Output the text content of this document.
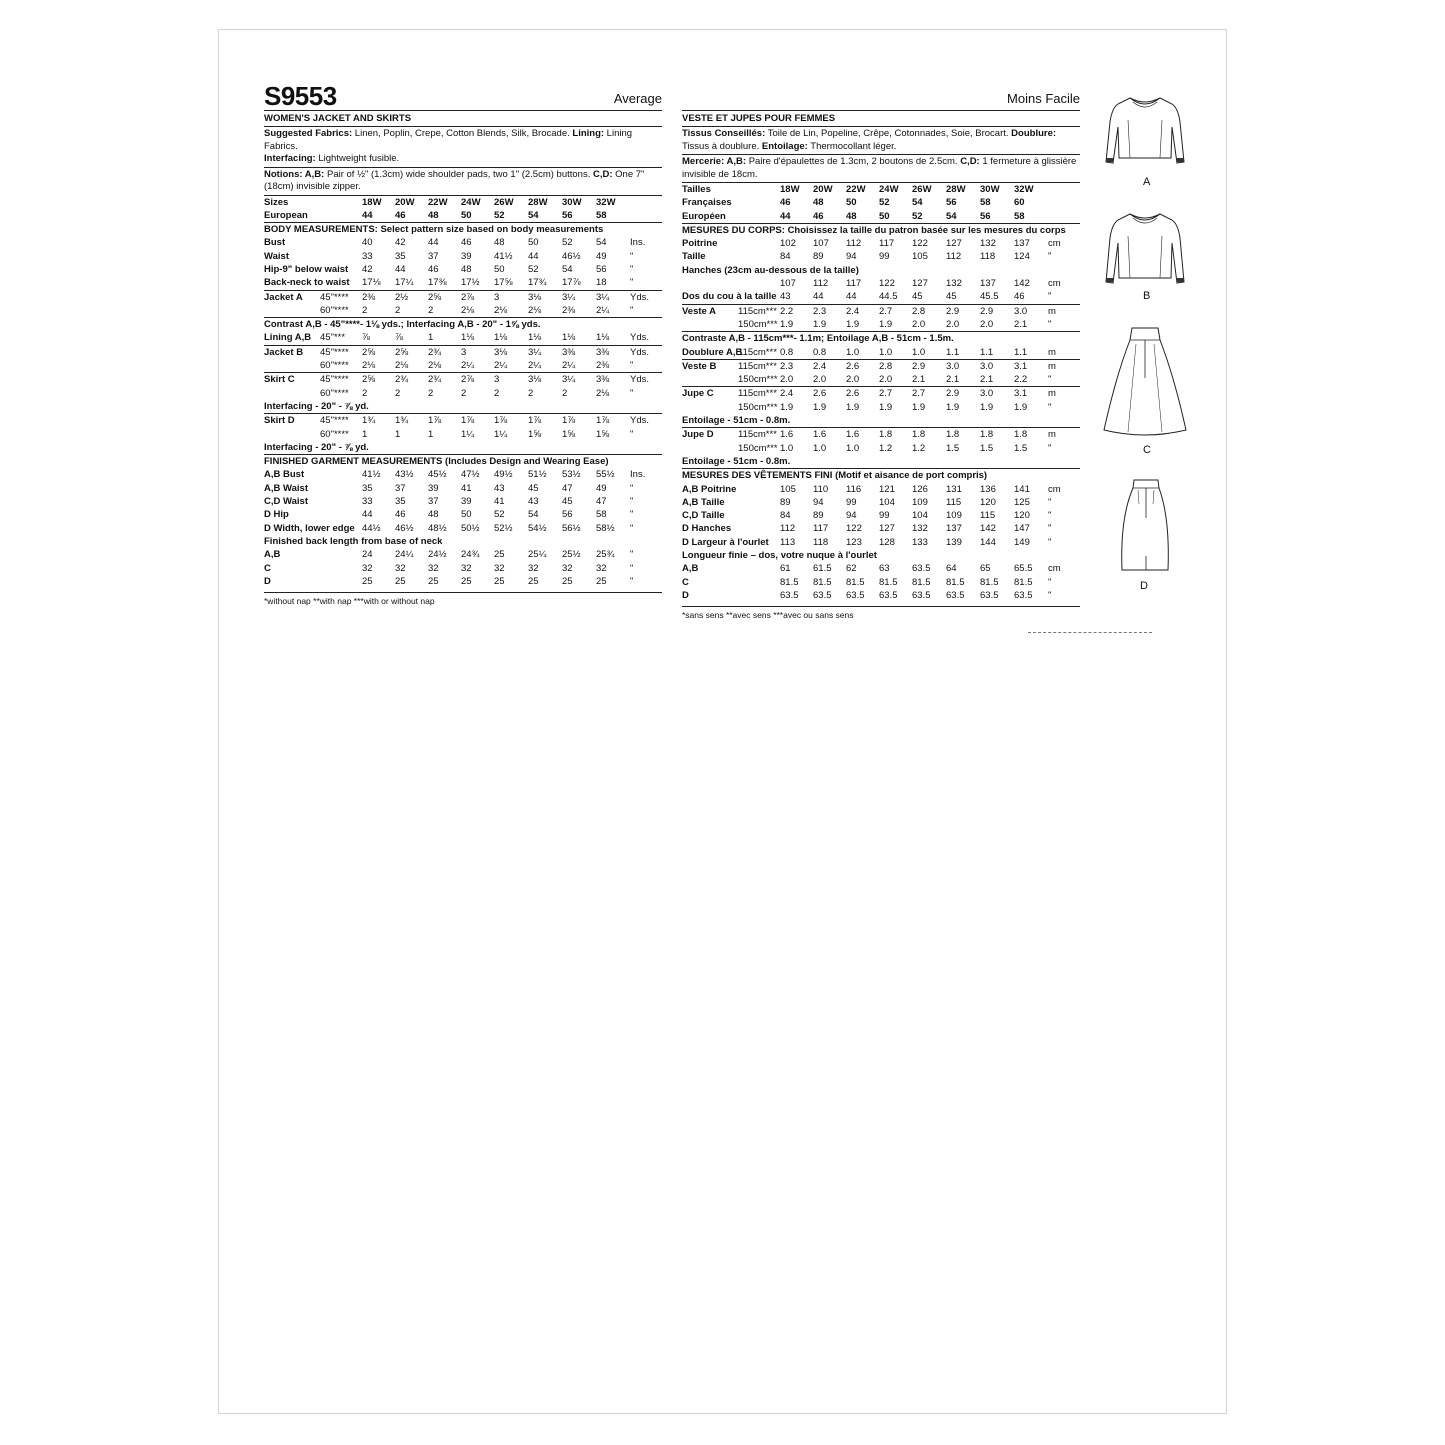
S9553	Average
WOMEN'S JACKET AND SKIRTS
Suggested Fabrics: Linen, Poplin, Crepe, Cotton Blends, Silk, Brocade. Lining: Lining Fabrics.
Interfacing: Lightweight fusible.
Notions: A,B: Pair of ½" (1.3cm) wide shoulder pads, two 1" (2.5cm) buttons. C,D: One 7" (18cm) invisible zipper.
Sizes		18W	20W	22W	24W	26W	28W	30W	32W	
European		44	46	48	50	52	54	56	58	
BODY MEASUREMENTS: Select pattern size based on body measurements										
Bust		40	42	44	46	48	50	52	54	Ins.
Waist		33	35	37	39	41½	44	46½	49	"
Hip-9" below waist		42	44	46	48	50	52	54	56	"
Back-neck to waist		17⅛	17¼	17⅜	17½	17⅝	17¾	17⅞	18	"
Jacket A	45"****	2⅜	2½	2⅝	2⅞	3	3⅛	3¼	3¼	Yds.
	60"****	2	2	2	2⅛	2⅛	2⅛	2⅜	2¼	"
Contrast A,B - 45"****- 1⅛ yds.; Interfacing A,B - 20" - 1⅝ yds.										
Lining A,B	45"***	⅞	⅞	1	1⅛	1⅛	1⅛	1⅛	1⅛	Yds.
Jacket B	45"****	2⅝	2⅝	2¾	3	3⅛	3¼	3⅜	3⅜	Yds.
	60"****	2⅛	2⅛	2⅛	2¼	2¼	2¼	2¼	2⅜	"
Skirt C	45"****	2⅝	2¾	2¾	2⅞	3	3⅛	3¼	3⅜	Yds.
	60"****	2	2	2	2	2	2	2	2⅛	"
Interfacing - 20" - ⅞ yd.										
Skirt D	45"****	1¾	1¾	1⅞	1⅞	1⅞	1⅞	1⅞	1⅞	Yds.
	60"****	1	1	1	1¼	1¼	1⅝	1⅝	1⅝	"
Interfacing - 20" - ⅞ yd.										
FINISHED GARMENT MEASUREMENTS (Includes Design and Wearing Ease)										
A,B Bust		41½	43½	45½	47½	49½	51½	53½	55½	Ins.
A,B Waist		35	37	39	41	43	45	47	49	"
C,D Waist		33	35	37	39	41	43	45	47	"
D Hip		44	46	48	50	52	54	56	58	"
D Width, lower edge		44½	46½	48½	50½	52½	54½	56½	58½	"
Finished back length from base of neck										
A,B		24	24¼	24½	24¾	25	25¼	25½	25¾	"
C		32	32	32	32	32	32	32	32	"
D		25	25	25	25	25	25	25	25	"
*without nap **with nap ***with or without nap
Moins Facile
VESTE ET JUPES POUR FEMMES
Tissus Conseillés: Toile de Lin, Popeline, Crêpe, Cotonnades, Soie, Brocart. Doublure: Tissus à doublure. Entoilage: Thermocollant léger.
Mercerie: A,B: Paire d'épaulettes de 1.3cm, 2 boutons de 2.5cm. C,D: 1 fermeture à glissière invisible de 18cm.
Tailles		18W	20W	22W	24W	26W	28W	30W	32W	
Françaises		46	48	50	52	54	56	58	60	
Européen		44	46	48	50	52	54	56	58	
MESURES DU CORPS: Choisissez la taille du patron basée sur les mesures du corps										
Poitrine		102	107	112	117	122	127	132	137	cm
Taille		84	89	94	99	105	112	118	124	"
Hanches (23cm au-dessous de la taille)										
		107	112	117	122	127	132	137	142	cm
Dos du cou à la taille		43	44	44	44.5	45	45	45.5	46	"
Veste A	115cm***	2.2	2.3	2.4	2.7	2.8	2.9	2.9	3.0	m
	150cm***	1.9	1.9	1.9	1.9	2.0	2.0	2.0	2.1	"
Contraste A,B - 115cm***- 1.1m; Entoilage A,B - 51cm - 1.5m.										
Doublure A,B	115cm***	0.8	0.8	1.0	1.0	1.0	1.1	1.1	1.1	m
Veste B	115cm***	2.3	2.4	2.6	2.8	2.9	3.0	3.0	3.1	m
	150cm***	2.0	2.0	2.0	2.0	2.1	2.1	2.1	2.2	"
Jupe C	115cm***	2.4	2.6	2.6	2.7	2.7	2.9	3.0	3.1	m
	150cm***	1.9	1.9	1.9	1.9	1.9	1.9	1.9	1.9	"
Entoilage - 51cm - 0.8m.										
Jupe D	115cm***	1.6	1.6	1.6	1.8	1.8	1.8	1.8	1.8	m
	150cm***	1.0	1.0	1.0	1.2	1.2	1.5	1.5	1.5	"
Entoilage - 51cm - 0.8m.										
MESURES DES VÊTEMENTS FINI (Motif et aisance de port compris)										
A,B Poitrine		105	110	116	121	126	131	136	141	cm
A,B Taille		89	94	99	104	109	115	120	125	"
C,D Taille		84	89	94	99	104	109	115	120	"
D Hanches		112	117	122	127	132	137	142	147	"
D Largeur à l'ourlet		113	118	123	128	133	139	144	149	"
Longueur finie – dos, votre nuque à l'ourlet										
A,B		61	61.5	62	63	63.5	64	65	65.5	cm
C		81.5	81.5	81.5	81.5	81.5	81.5	81.5	81.5	"
D		63.5	63.5	63.5	63.5	63.5	63.5	63.5	63.5	"
*sans sens **avec sens ***avec ou sans sens
A
B
C
D
